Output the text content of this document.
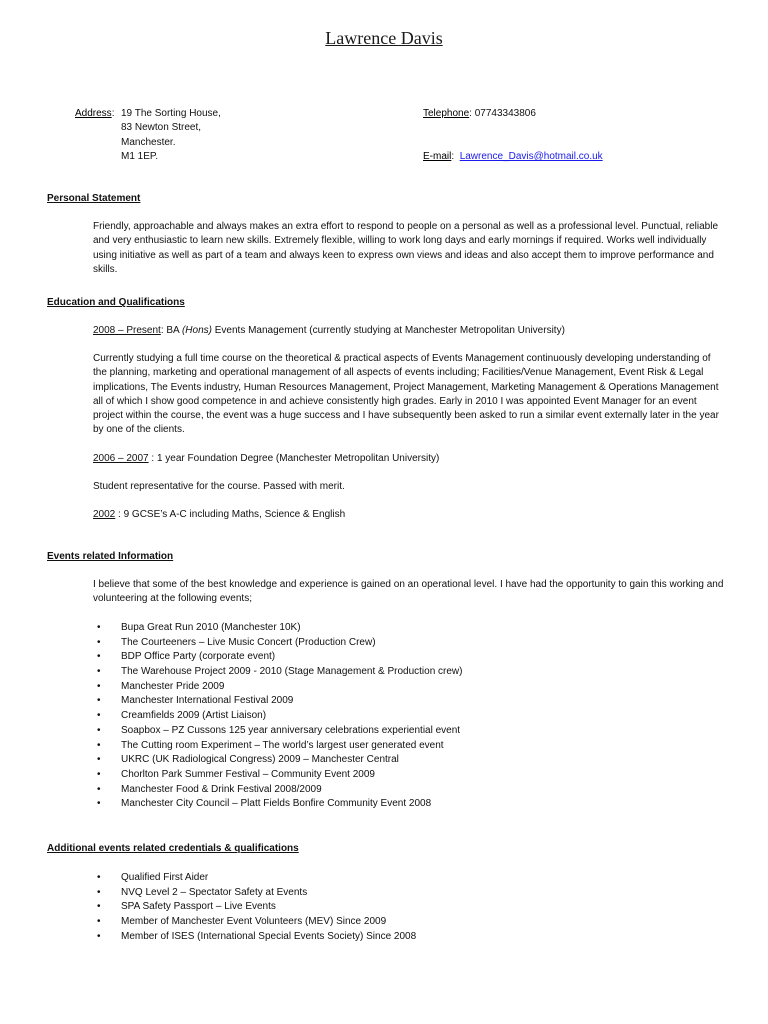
Lawrence Davis
Address: 19 The Sorting House,
83 Newton Street,
Manchester.
M1 1EP.
Telephone: 07743343806
E-mail:  Lawrence_Davis@hotmail.co.uk
Personal Statement
Friendly, approachable and always makes an extra effort to respond to people on a personal as well as a professional level. Punctual, reliable and very enthusiastic to learn new skills. Extremely flexible, willing to work long days and early mornings if required. Works well individually using initiative as well as part of a team and always keen to express own views and ideas and also accept them to improve performance and skills.
Education and Qualifications
2008 – Present: BA (Hons) Events Management (currently studying at Manchester Metropolitan University)
Currently studying a full time course on the theoretical & practical aspects of Events Management continuously developing understanding of the planning, marketing and operational management of all aspects of events including; Facilities/Venue Management, Event Risk & Legal implications, The Events industry, Human Resources Management, Project Management, Marketing Management & Operations Management all of which I show good competence in and achieve consistently high grades. Early in 2010 I was appointed Event Manager for an event project within the course, the event was a huge success and I have subsequently been asked to run a similar event externally later in the year by one of the clients.
2006 – 2007 : 1 year Foundation Degree (Manchester Metropolitan University)
Student representative for the course. Passed with merit.
2002 : 9 GCSE’s A-C including Maths, Science & English
Events related Information
I believe that some of the best knowledge and experience is gained on an operational level. I have had the opportunity to gain this working and volunteering at the following events;
• Bupa Great Run 2010 (Manchester 10K)
• The Courteeners – Live Music Concert (Production Crew)
• BDP Office Party (corporate event)
• The Warehouse Project 2009 - 2010 (Stage Management & Production crew)
• Manchester Pride 2009
• Manchester International Festival 2009
• Creamfields 2009 (Artist Liaison)
• Soapbox – PZ Cussons 125 year anniversary celebrations experiential event
• The Cutting room Experiment – The world’s largest user generated event
• UKRC (UK Radiological Congress) 2009 – Manchester Central
• Chorlton Park Summer Festival – Community Event 2009
• Manchester Food & Drink Festival 2008/2009
• Manchester City Council – Platt Fields Bonfire Community Event 2008
Additional events related credentials & qualifications
• Qualified First Aider
• NVQ Level 2 – Spectator Safety at Events
• SPA Safety Passport – Live Events
• Member of Manchester Event Volunteers (MEV) Since 2009
• Member of ISES (International Special Events Society) Since 2008
